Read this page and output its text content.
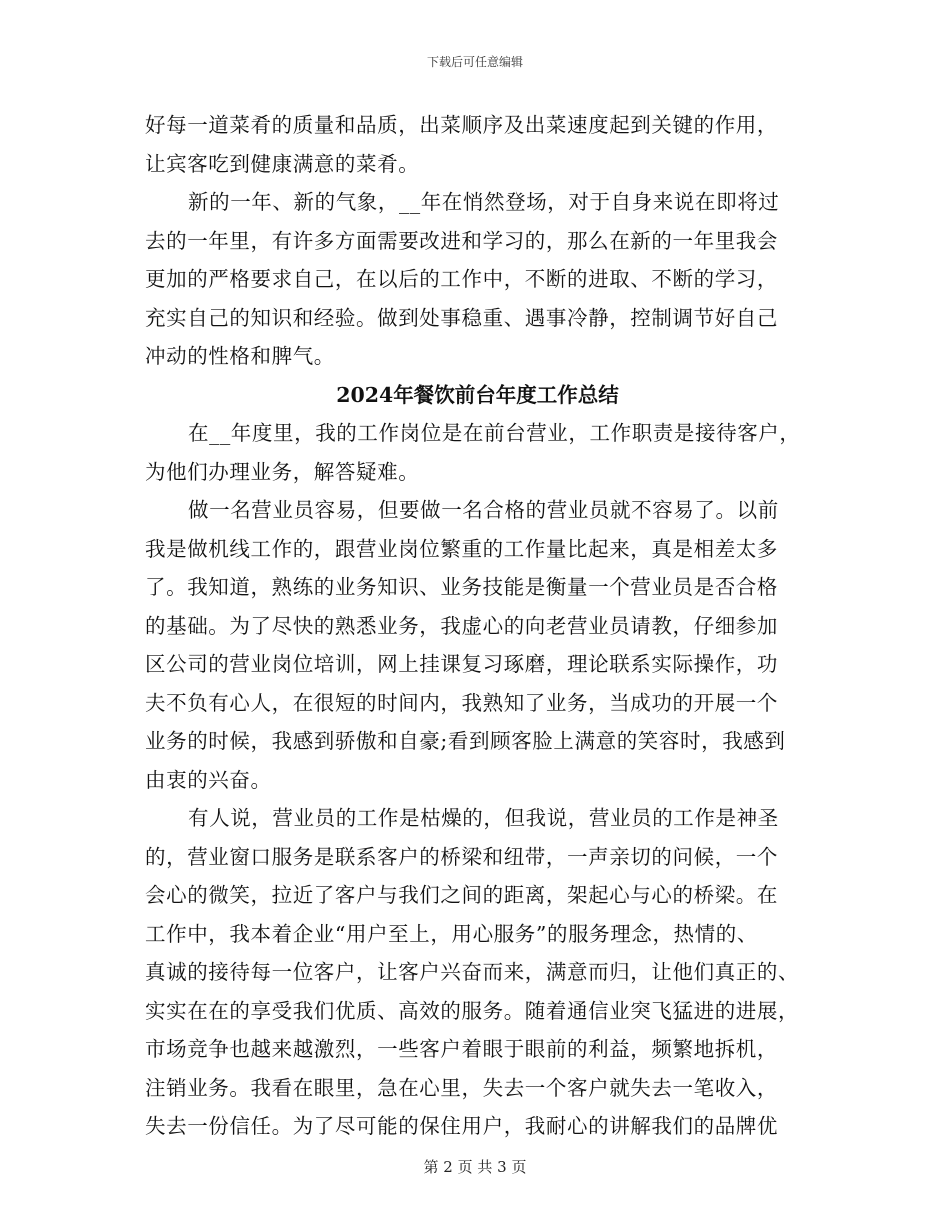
下载后可任意编辑
好每一道菜肴的质量和品质，出菜顺序及出菜速度起到关键的作用，
让宾客吃到健康满意的菜肴。
新的一年、新的气象，__年在悄然登场，对于自身来说在即将过
去的一年里，有许多方面需要改进和学习的，那么在新的一年里我会
更加的严格要求自己，在以后的工作中，不断的进取、不断的学习，
充实自己的知识和经验。做到处事稳重、遇事冷静，控制调节好自己
冲动的性格和脾气。
2024年餐饮前台年度工作总结
在__年度里，我的工作岗位是在前台营业，工作职责是接待客户，
为他们办理业务，解答疑难。
做一名营业员容易，但要做一名合格的营业员就不容易了。以前
我是做机线工作的，跟营业岗位繁重的工作量比起来，真是相差太多
了。我知道，熟练的业务知识、业务技能是衡量一个营业员是否合格
的基础。为了尽快的熟悉业务，我虚心的向老营业员请教，仔细参加
区公司的营业岗位培训，网上挂课复习琢磨，理论联系实际操作，功
夫不负有心人，在很短的时间内，我熟知了业务，当成功的开展一个
业务的时候，我感到骄傲和自豪;看到顾客脸上满意的笑容时，我感到
由衷的兴奋。
有人说，营业员的工作是枯燥的，但我说，营业员的工作是神圣
的，营业窗口服务是联系客户的桥梁和纽带，一声亲切的问候，一个
会心的微笑，拉近了客户与我们之间的距离，架起心与心的桥梁。在
工作中，我本着企业“用户至上，用心服务”的服务理念，热情的、
真诚的接待每一位客户，让客户兴奋而来，满意而归，让他们真正的、
实实在在的享受我们优质、高效的服务。随着通信业突飞猛进的进展，
市场竞争也越来越激烈，一些客户着眼于眼前的利益，频繁地拆机，
注销业务。我看在眼里，急在心里，失去一个客户就失去一笔收入，
失去一份信任。为了尽可能的保住用户，我耐心的讲解我们的品牌优
第 2 页 共 3 页
